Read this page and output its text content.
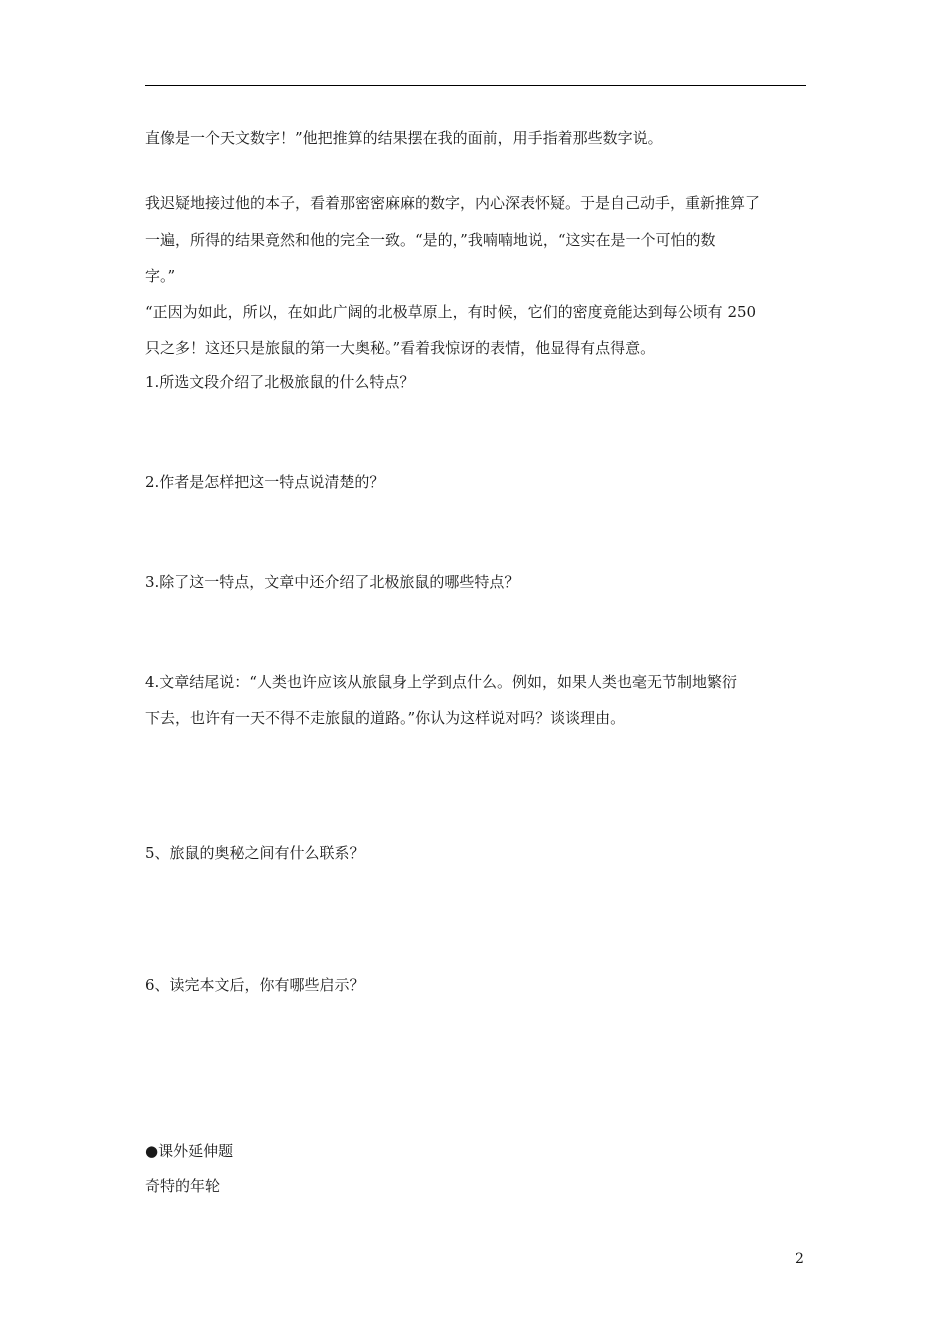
直像是一个天文数字！”他把推算的结果摆在我的面前，用手指着那些数字说。
我迟疑地接过他的本子，看着那密密麻麻的数字，内心深表怀疑。于是自己动手，重新推算了
一遍，所得的结果竟然和他的完全一致。“是的，”我喃喃地说，“这实在是一个可怕的数
字。”
“正因为如此，所以，在如此广阔的北极草原上，有时候，它们的密度竟能达到每公顷有 250
只之多！这还只是旅鼠的第一大奥秘。”看着我惊讶的表情，他显得有点得意。
1.所选文段介绍了北极旅鼠的什么特点？
2.作者是怎样把这一特点说清楚的？
3.除了这一特点，文章中还介绍了北极旅鼠的哪些特点？
4.文章结尾说：“人类也许应该从旅鼠身上学到点什么。例如，如果人类也毫无节制地繁衍
下去，也许有一天不得不走旅鼠的道路。”你认为这样说对吗？谈谈理由。
5、旅鼠的奥秘之间有什么联系？
6、读完本文后，你有哪些启示？
●课外延伸题
奇特的年轮
2
